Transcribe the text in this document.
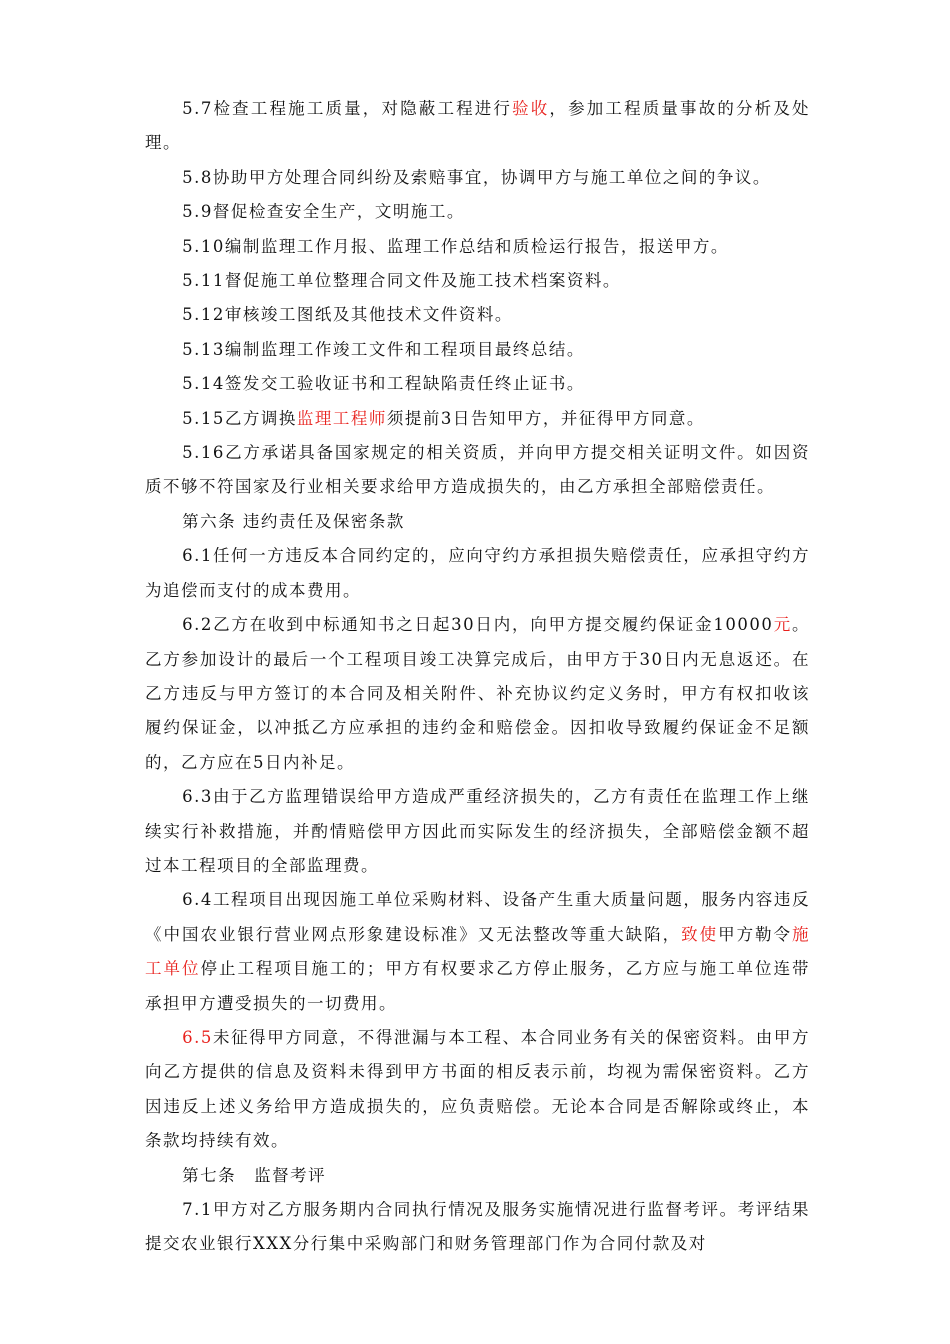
5.7检查工程施工质量，对隐蔽工程进行验收，参加工程质量事故的分析及处理。

5.8协助甲方处理合同纠纷及索赔事宜，协调甲方与施工单位之间的争议。

5.9督促检查安全生产，文明施工。

5.10编制监理工作月报、监理工作总结和质检运行报告，报送甲方。

5.11督促施工单位整理合同文件及施工技术档案资料。

5.12审核竣工图纸及其他技术文件资料。

5.13编制监理工作竣工文件和工程项目最终总结。

5.14签发交工验收证书和工程缺陷责任终止证书。

5.15乙方调换监理工程师须提前3日告知甲方，并征得甲方同意。

5.16乙方承诺具备国家规定的相关资质，并向甲方提交相关证明文件。如因资质不够不符国家及行业相关要求给甲方造成损失的，由乙方承担全部赔偿责任。

第六条 违约责任及保密条款

6.1任何一方违反本合同约定的，应向守约方承担损失赔偿责任，应承担守约方为追偿而支付的成本费用。

6.2乙方在收到中标通知书之日起30日内，向甲方提交履约保证金10000元。乙方参加设计的最后一个工程项目竣工决算完成后，由甲方于30日内无息返还。在乙方违反与甲方签订的本合同及相关附件、补充协议约定义务时，甲方有权扣收该履约保证金，以冲抵乙方应承担的违约金和赔偿金。因扣收导致履约保证金不足额的，乙方应在5日内补足。

6.3由于乙方监理错误给甲方造成严重经济损失的，乙方有责任在监理工作上继续实行补救措施，并酌情赔偿甲方因此而实际发生的经济损失，全部赔偿金额不超过本工程项目的全部监理费。

6.4工程项目出现因施工单位采购材料、设备产生重大质量问题，服务内容违反《中国农业银行营业网点形象建设标准》又无法整改等重大缺陷，致使甲方勒令施工单位停止工程项目施工的；甲方有权要求乙方停止服务，乙方应与施工单位连带承担甲方遭受损失的一切费用。

6.5未征得甲方同意，不得泄漏与本工程、本合同业务有关的保密资料。由甲方向乙方提供的信息及资料未得到甲方书面的相反表示前，均视为需保密资料。乙方因违反上述义务给甲方造成损失的，应负责赔偿。无论本合同是否解除或终止，本条款均持续有效。

第七条　监督考评

7.1甲方对乙方服务期内合同执行情况及服务实施情况进行监督考评。考评结果提交农业银行XXX分行集中采购部门和财务管理部门作为合同付款及对
